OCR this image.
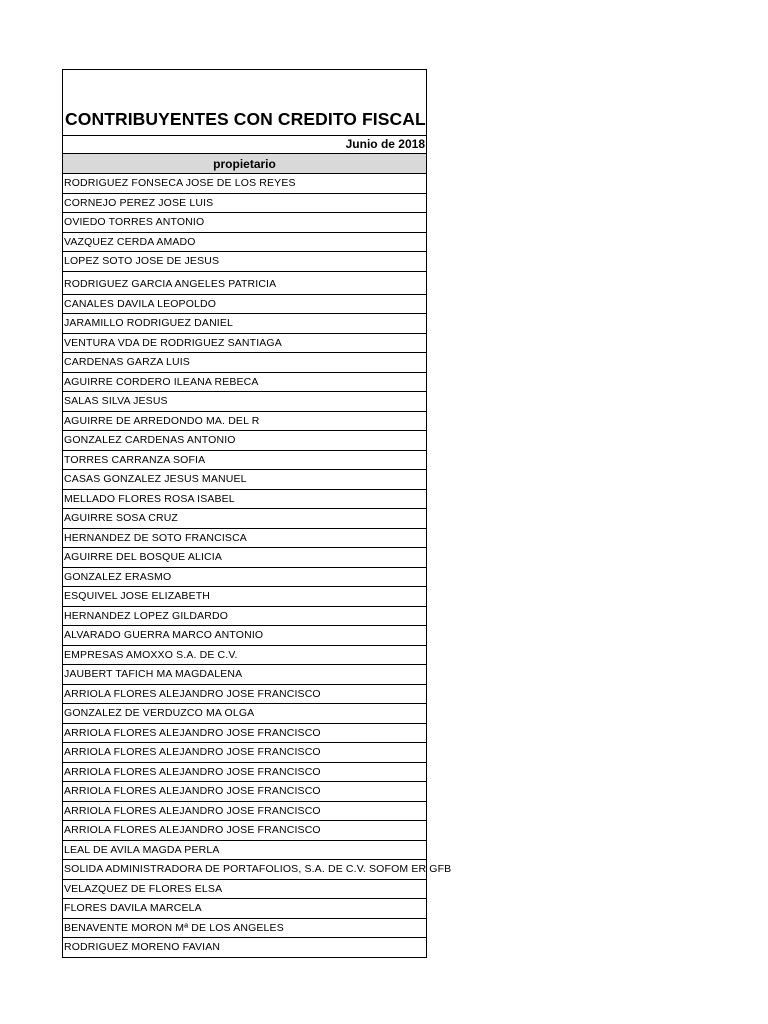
CONTRIBUYENTES CON CREDITO FISCAL
Junio de 2018
propietario
RODRIGUEZ FONSECA JOSE DE LOS REYES
CORNEJO PEREZ JOSE LUIS
OVIEDO TORRES ANTONIO
VAZQUEZ CERDA AMADO
LOPEZ SOTO JOSE DE JESUS
RODRIGUEZ GARCIA ANGELES PATRICIA
CANALES DAVILA LEOPOLDO
JARAMILLO RODRIGUEZ DANIEL
VENTURA VDA DE RODRIGUEZ SANTIAGA
CARDENAS GARZA LUIS
AGUIRRE CORDERO ILEANA REBECA
SALAS SILVA JESUS
AGUIRRE DE ARREDONDO MA. DEL R
GONZALEZ CARDENAS ANTONIO
TORRES CARRANZA SOFIA
CASAS GONZALEZ JESUS MANUEL
MELLADO FLORES ROSA ISABEL
AGUIRRE SOSA CRUZ
HERNANDEZ DE SOTO FRANCISCA
AGUIRRE DEL BOSQUE ALICIA
GONZALEZ ERASMO
ESQUIVEL JOSE ELIZABETH
HERNANDEZ LOPEZ GILDARDO
ALVARADO GUERRA MARCO ANTONIO
EMPRESAS AMOXXO S.A. DE C.V.
JAUBERT TAFICH MA MAGDALENA
ARRIOLA FLORES ALEJANDRO JOSE FRANCISCO
GONZALEZ DE VERDUZCO MA OLGA
ARRIOLA FLORES ALEJANDRO JOSE FRANCISCO
ARRIOLA FLORES ALEJANDRO JOSE FRANCISCO
ARRIOLA FLORES ALEJANDRO JOSE FRANCISCO
ARRIOLA FLORES ALEJANDRO JOSE FRANCISCO
ARRIOLA FLORES ALEJANDRO JOSE FRANCISCO
ARRIOLA FLORES ALEJANDRO JOSE FRANCISCO
LEAL DE AVILA MAGDA PERLA
SOLIDA ADMINISTRADORA DE PORTAFOLIOS, S.A. DE C.V. SOFOM ER GFB
VELAZQUEZ DE FLORES ELSA
FLORES DAVILA MARCELA
BENAVENTE MORON Mª DE LOS ANGELES
RODRIGUEZ MORENO FAVIAN
